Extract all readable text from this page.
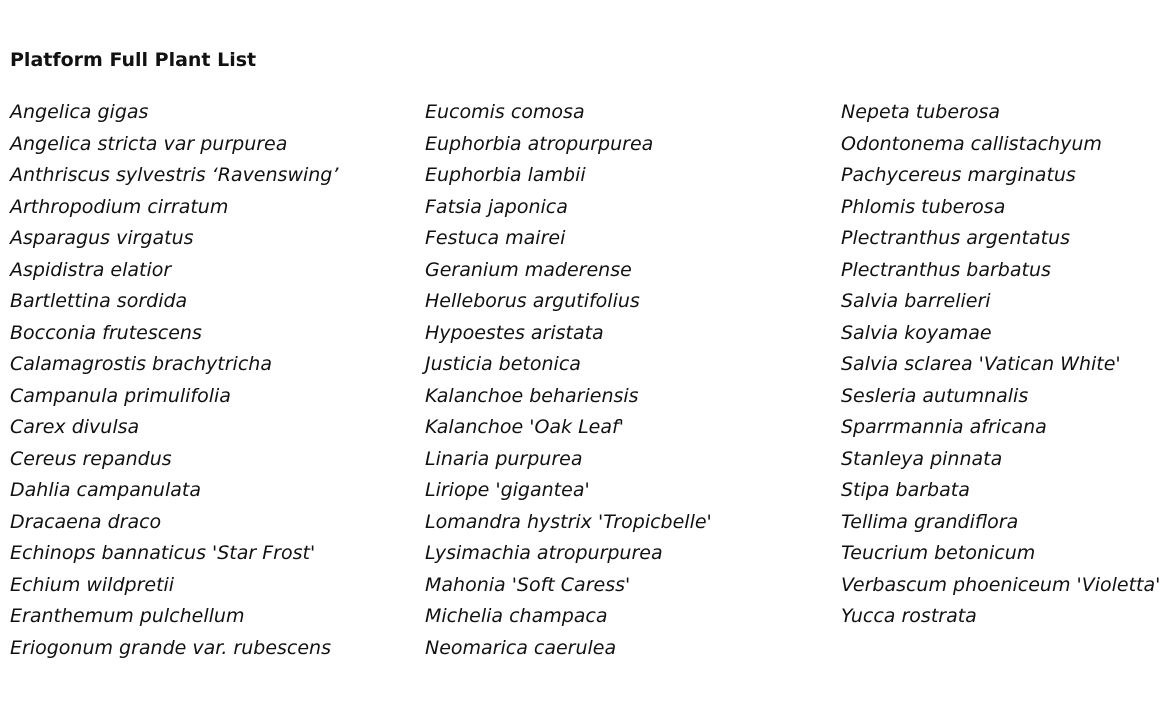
Platform Full Plant List
Angelica gigas
Angelica stricta var purpurea
Anthriscus sylvestris ‘Ravenswing’
Arthropodium cirratum
Asparagus virgatus
Aspidistra elatior
Bartlettina sordida
Bocconia frutescens
Calamagrostis brachytricha
Campanula primulifolia
Carex divulsa
Cereus repandus
Dahlia campanulata
Dracaena draco
Echinops bannaticus 'Star Frost'
Echium wildpretii
Eranthemum pulchellum
Eriogonum grande var. rubescens
Eucomis comosa
Euphorbia atropurpurea
Euphorbia lambii
Fatsia japonica
Festuca mairei
Geranium maderense
Helleborus argutifolius
Hypoestes aristata
Justicia betonica
Kalanchoe behariensis
Kalanchoe 'Oak Leaf'
Linaria purpurea
Liriope 'gigantea'
Lomandra hystrix 'Tropicbelle'
Lysimachia atropurpurea
Mahonia 'Soft Caress'
Michelia champaca
Neomarica caerulea
Nepeta tuberosa
Odontonema callistachyum
Pachycereus marginatus
Phlomis tuberosa
Plectranthus argentatus
Plectranthus barbatus
Salvia barrelieri
Salvia koyamae
Salvia sclarea 'Vatican White'
Sesleria autumnalis
Sparrmannia africana
Stanleya pinnata
Stipa barbata
Tellima grandiflora
Teucrium betonicum
Verbascum phoeniceum 'Violetta'
Yucca rostrata
